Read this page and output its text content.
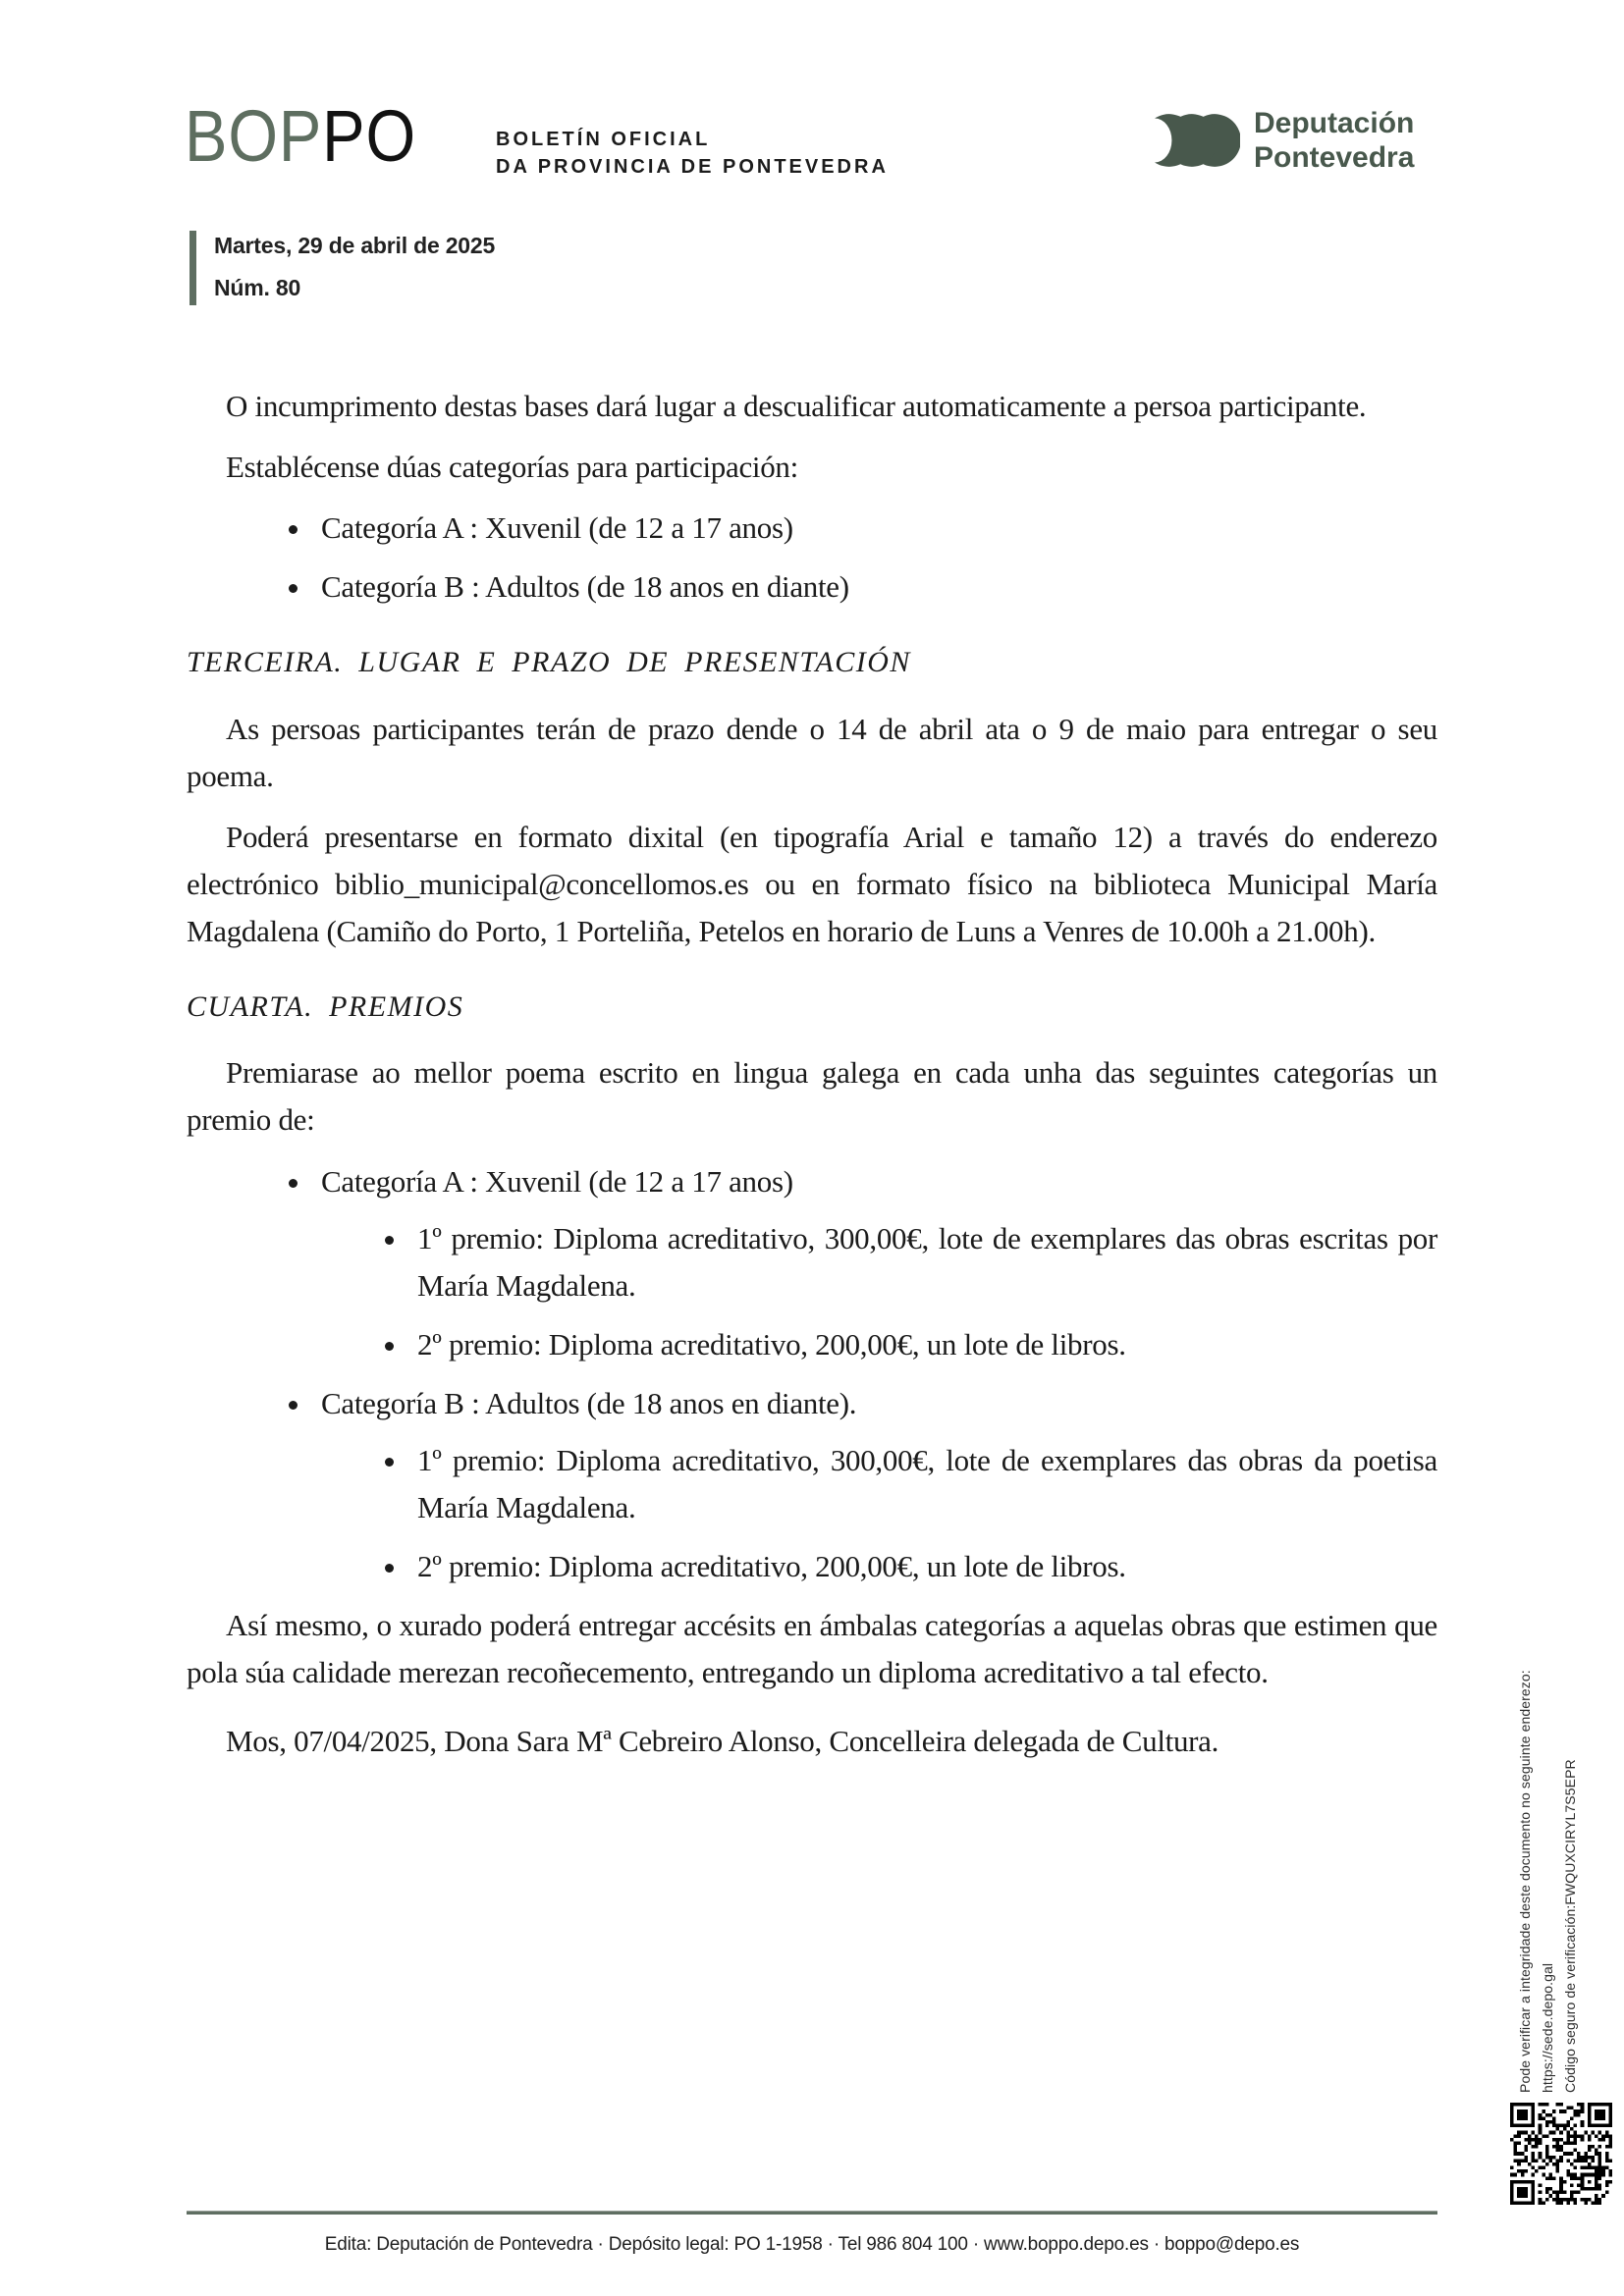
BOPPO	BOLETÍN OFICIAL
DA PROVINCIA DE PONTEVEDRA
Deputación
Pontevedra
Martes, 29 de abril de 2025
Núm. 80

O incumprimento destas bases dará lugar a descualificar automaticamente a persoa participante.

Establécense dúas categorías para participación:

• Categoría A : Xuvenil (de 12 a 17 anos)
• Categoría B : Adultos (de 18 anos en diante)
TERCEIRA. LUGAR E PRAZO DE PRESENTACIÓN

As persoas participantes terán de prazo dende o 14 de abril ata o 9 de maio para entregar o seu poema.

Poderá presentarse en formato dixital (en tipografía Arial e tamaño 12) a través do enderezo electrónico biblio_municipal@concellomos.es ou en formato físico na biblioteca Municipal María Magdalena (Camiño do Porto, 1 Porteliña, Petelos en horario de Luns a Venres de 10.00h a 21.00h).

CUARTA. PREMIOS

Premiarase ao mellor poema escrito en lingua galega en cada unha das seguintes categorías un premio de:

• Categoría A : Xuvenil (de 12 a 17 anos)
• 1º premio: Diploma acreditativo, 300,00€, lote de exemplares das obras escritas por María Magdalena.
• 2º premio: Diploma acreditativo, 200,00€, un lote de libros.
• Categoría B : Adultos (de 18 anos en diante).
• 1º premio: Diploma acreditativo, 300,00€, lote de exemplares das obras da poetisa María Magdalena.
• 2º premio: Diploma acreditativo, 200,00€, un lote de libros.

Así mesmo, o xurado poderá entregar accésits en ámbalas categorías a aquelas obras que estimen que pola súa calidade merezan recoñecemento, entregando un diploma acreditativo a tal efecto.

Mos, 07/04/2025, Dona Sara Mª Cebreiro Alonso, Concelleira delegada de Cultura.	Pode verificar a integridade deste documento no seguinte enderezo: https://sede.depo.gal Código seguro de verificación:FWQUXCIRYL7S5EPR
Edita: Deputación de Pontevedra · Depósito legal: PO 1-1958 · Tel 986 804 100 · www.boppo.depo.es · boppo@depo.es
